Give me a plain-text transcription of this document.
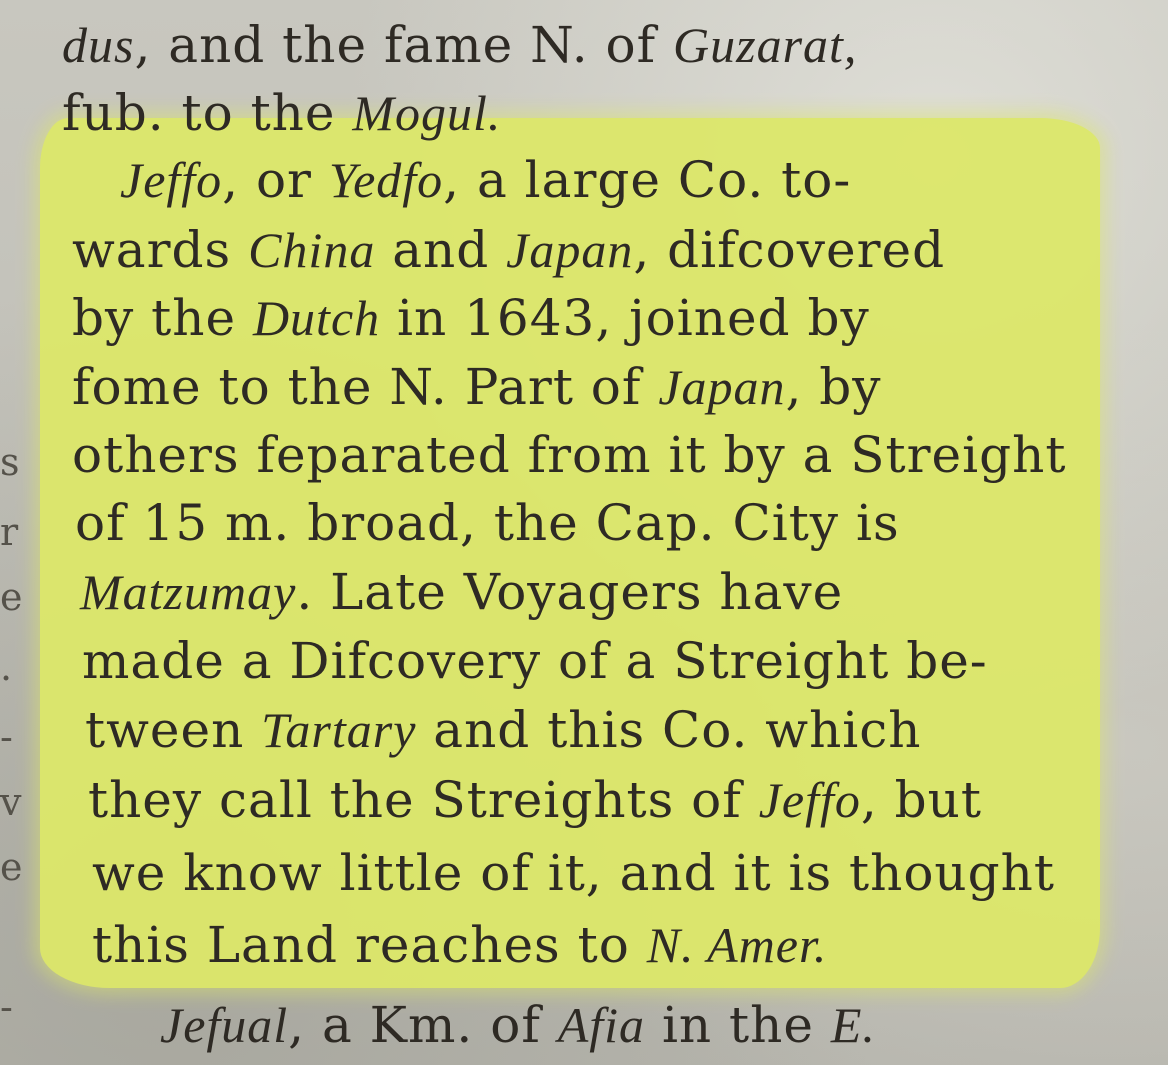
s
r
e
.
-
v
e
-
dus, and the fame N. of Guzarat,
fub. to the Mogul.
Jeffo, or Yedfo, a large Co. to-
wards China and Japan, difcovered
by the Dutch in 1643, joined by
fome to the N. Part of Japan, by
others feparated from it by a Streight
of 15 m. broad, the Cap. City is
Matzumay. Late Voyagers have
made a Difcovery of a Streight be-
tween Tartary and this Co. which
they call the Streights of Jeffo, but
we know little of it, and it is thought
this Land reaches to N. Amer.
Jefual, a Km. of Afia in the E.
